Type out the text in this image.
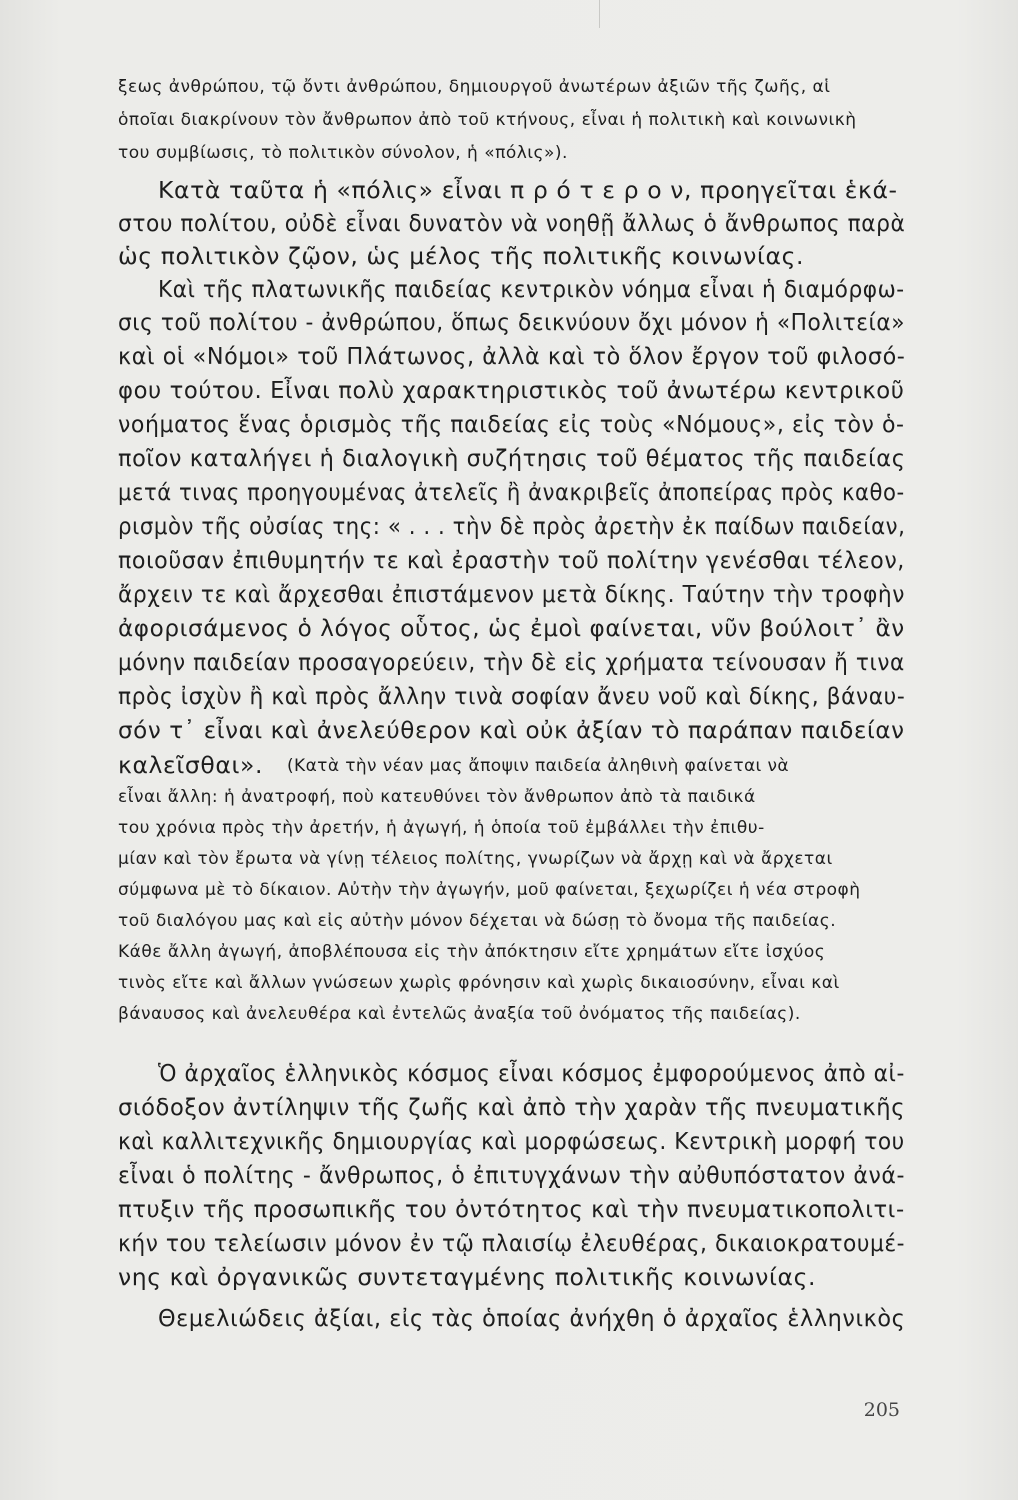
ξεως ἀνθρώπου, τῷ ὄντι ἀνθρώπου, δημιουργοῦ ἀνωτέρων ἀξιῶν τῆς ζωῆς, αἱ

ὁποῖαι διακρίνουν τὸν ἄνθρωπον ἀπὸ τοῦ κτήνους, εἶναι ἡ πολιτικὴ καὶ κοινωνικὴ

του συμβίωσις, τὸ πολιτικὸν σύνολον, ἡ «πόλις»).

Κατὰ ταῦτα ἡ «πόλις» εἶναι π ρ ό τ ε ρ ο ν, προηγεῖται ἑκά-

στου πολίτου, οὐδὲ εἶναι δυνατὸν νὰ νοηθῇ ἄλλως ὁ ἄνθρωπος παρὰ

ὡς πολιτικὸν ζῷον, ὡς μέλος τῆς πολιτικῆς κοινωνίας.

Καὶ τῆς πλατωνικῆς παιδείας κεντρικὸν νόημα εἶναι ἡ διαμόρφω-

σις τοῦ πολίτου - ἀνθρώπου, ὅπως δεικνύουν ὄχι μόνον ἡ «Πολιτεία»

καὶ οἱ «Νόμοι» τοῦ Πλάτωνος, ἀλλὰ καὶ τὸ ὅλον ἔργον τοῦ φιλοσό-

φου τούτου. Εἶναι πολὺ χαρακτηριστικὸς τοῦ ἀνωτέρω κεντρικοῦ

νοήματος ἕνας ὁρισμὸς τῆς παιδείας εἰς τοὺς «Νόμους», εἰς τὸν ὁ-

ποῖον καταλήγει ἡ διαλογικὴ συζήτησις τοῦ θέματος τῆς παιδείας

μετά τινας προηγουμένας ἀτελεῖς ἢ ἀνακριβεῖς ἀποπείρας πρὸς καθο-

ρισμὸν τῆς οὐσίας της: « . . . τὴν δὲ πρὸς ἀρετὴν ἐκ παίδων παιδείαν,

ποιοῦσαν ἐπιθυμητήν τε καὶ ἐραστὴν τοῦ πολίτην γενέσθαι τέλεον,

ἄρχειν τε καὶ ἄρχεσθαι ἐπιστάμενον μετὰ δίκης. Ταύτην τὴν τροφὴν

ἀφορισάμενος ὁ λόγος οὗτος, ὡς ἐμοὶ φαίνεται, νῦν βούλοιτ᾽ ἂν

μόνην παιδείαν προσαγορεύειν, τὴν δὲ εἰς χρήματα τείνουσαν ἤ τινα

πρὸς ἰσχὺν ἢ καὶ πρὸς ἄλλην τινὰ σοφίαν ἄνευ νοῦ καὶ δίκης, βάναυ-

σόν τ᾽ εἶναι καὶ ἀνελεύθερον καὶ οὐκ ἀξίαν τὸ παράπαν παιδείαν

καλεῖσθαι». (Κατὰ τὴν νέαν μας ἄποψιν παιδεία ἀληθινὴ φαίνεται νὰ

εἶναι ἄλλη: ἡ ἀνατροφή, ποὺ κατευθύνει τὸν ἄνθρωπον ἀπὸ τὰ παιδικά

του χρόνια πρὸς τὴν ἀρετήν, ἡ ἀγωγή, ἡ ὁποία τοῦ ἐμβάλλει τὴν ἐπιθυ-

μίαν καὶ τὸν ἔρωτα νὰ γίνῃ τέλειος πολίτης, γνωρίζων νὰ ἄρχῃ καὶ νὰ ἄρχεται

σύμφωνα μὲ τὸ δίκαιον. Αὐτὴν τὴν ἀγωγήν, μοῦ φαίνεται, ξεχωρίζει ἡ νέα στροφὴ

τοῦ διαλόγου μας καὶ εἰς αὐτὴν μόνον δέχεται νὰ δώσῃ τὸ ὄνομα τῆς παιδείας.

Κάθε ἄλλη ἀγωγή, ἀποβλέπουσα εἰς τὴν ἀπόκτησιν εἴτε χρημάτων εἴτε ἰσχύος

τινὸς εἴτε καὶ ἄλλων γνώσεων χωρὶς φρόνησιν καὶ χωρὶς δικαιοσύνην, εἶναι καὶ

βάναυσος καὶ ἀνελευθέρα καὶ ἐντελῶς ἀναξία τοῦ ὀνόματος τῆς παιδείας).

Ὁ ἀρχαῖος ἑλληνικὸς κόσμος εἶναι κόσμος ἐμφορούμενος ἀπὸ αἰ-

σιόδοξον ἀντίληψιν τῆς ζωῆς καὶ ἀπὸ τὴν χαρὰν τῆς πνευματικῆς

καὶ καλλιτεχνικῆς δημιουργίας καὶ μορφώσεως. Κεντρικὴ μορφή του

εἶναι ὁ πολίτης - ἄνθρωπος, ὁ ἐπιτυγχάνων τὴν αὐθυπόστατον ἀνά-

πτυξιν τῆς προσωπικῆς του ὀντότητος καὶ τὴν πνευματικοπολιτι-

κήν του τελείωσιν μόνον ἐν τῷ πλαισίῳ ἐλευθέρας, δικαιοκρατουμέ-

νης καὶ ὀργανικῶς συντεταγμένης πολιτικῆς κοινωνίας.

Θεμελιώδεις ἀξίαι, εἰς τὰς ὁποίας ἀνήχθη ὁ ἀρχαῖος ἑλληνικὸς

205
